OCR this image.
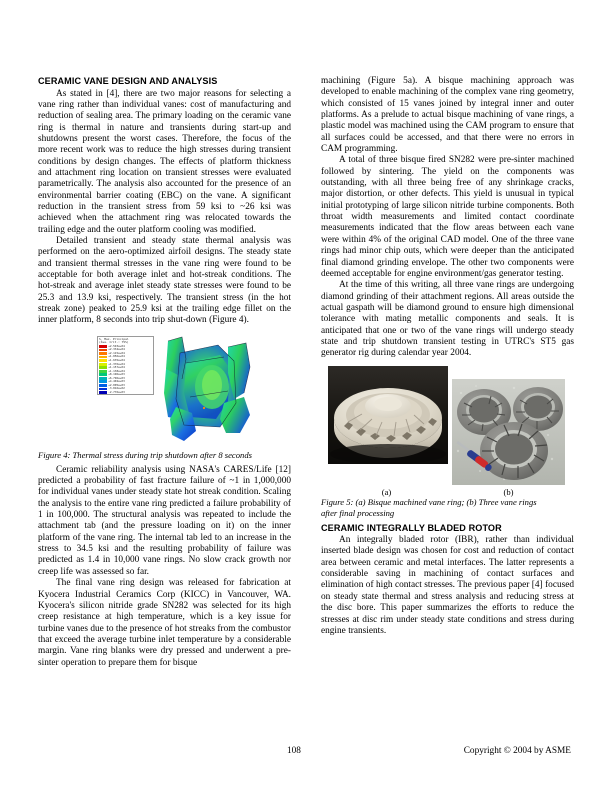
CERAMIC VANE DESIGN AND ANALYSIS

As stated in [4], there are two major reasons for selecting a vane ring rather than individual vanes: cost of manufacturing and reduction of sealing area. The primary loading on the ceramic vane ring is thermal in nature and transients during start-up and shutdowns present the worst cases. Therefore, the focus of the more recent work was to reduce the high stresses during transient conditions by design changes. The effects of platform thickness and attachment ring location on transient stresses were evaluated parametrically. The analysis also accounted for the presence of an environmental barrier coating (EBC) on the vane. A significant reduction in the transient stress from 59 ksi to ~26 ksi was achieved when the attachment ring was relocated towards the trailing edge and the outer platform cooling was modified.

Detailed transient and steady state thermal analysis was performed on the aero-optimized airfoil designs. The steady state and transient thermal stresses in the vane ring were found to be acceptable for both average inlet and hot-streak conditions. The hot-streak and average inlet steady state stresses were found to be 25.3 and 13.9 ksi, respectively. The transient stress (in the hot streak zone) peaked to 25.9 ksi at the trailing edge fillet on the inner platform, 8 seconds into trip shut-down (Figure 4).

S, Max. Principal
(Ave. Crit.: 75%)
+2.593e+04
+2.334e+04
+2.115e+04
+1.856e+04
+1.635e+04
+1.376e+04
+1.157e+04
+1.138e+04
+8.196e+03
+6.796e+03
+4.402e+03
+2.005e+03
-3.816e+02
-2.776e+03

Figure 4: Thermal stress during trip shutdown after 8 seconds

Ceramic reliability analysis using NASA's CARES/Life [12] predicted a probability of fast fracture failure of ~1 in 1,000,000 for individual vanes under steady state hot streak condition. Scaling the analysis to the entire vane ring predicted a failure probability of 1 in 100,000. The structural analysis was repeated to include the attachment tab (and the pressure loading on it) on the inner platform of the vane ring. The internal tab led to an increase in the stress to 34.5 ksi and the resulting probability of failure was predicted as 1.4 in 10,000 vane rings. No slow crack growth nor creep life was assessed so far.

The final vane ring design was released for fabrication at Kyocera Industrial Ceramics Corp (KICC) in Vancouver, WA. Kyocera's silicon nitride grade SN282 was selected for its high creep resistance at high temperature, which is a key issue for turbine vanes due to the presence of hot streaks from the combustor that exceed the average turbine inlet temperature by a considerable margin. Vane ring blanks were dry pressed and underwent a pre-sinter operation to prepare them for bisque

machining (Figure 5a). A bisque machining approach was developed to enable machining of the complex vane ring geometry, which consisted of 15 vanes joined by integral inner and outer platforms. As a prelude to actual bisque machining of vane rings, a plastic model was machined using the CAM program to ensure that all surfaces could be accessed, and that there were no errors in CAM programming.

A total of three bisque fired SN282 were pre-sinter machined followed by sintering. The yield on the components was outstanding, with all three being free of any shrinkage cracks, major distortion, or other defects. This yield is unusual in typical initial prototyping of large silicon nitride turbine components. Both throat width measurements and limited contact coordinate measurements indicated that the flow areas between each vane were within 4% of the original CAD model. One of the three vane rings had minor chip outs, which were deeper than the anticipated final diamond grinding envelope. The other two components were deemed acceptable for engine environment/gas generator testing.

At the time of this writing, all three vane rings are undergoing diamond grinding of their attachment regions. All areas outside the actual gaspath will be diamond ground to ensure high dimensional tolerance with mating metallic components and seals. It is anticipated that one or two of the vane rings will undergo steady state and trip shutdown transient testing in UTRC's ST5 gas generator rig during calendar year 2004.

(a)	(b)

Figure 5: (a) Bisque machined vane ring; (b) Three vane rings

after final processing

CERAMIC INTEGRALLY BLADED ROTOR

An integrally bladed rotor (IBR), rather than individual inserted blade design was chosen for cost and reduction of contact area between ceramic and metal interfaces. The latter represents a considerable saving in machining of contact surfaces and elimination of high contact stresses. The previous paper [4] focused on steady state thermal and stress analysis and reducing stress at the disc bore. This paper summarizes the efforts to reduce the stresses at disc rim under steady state conditions and stress during engine transients.

108	Copyright © 2004 by ASME
